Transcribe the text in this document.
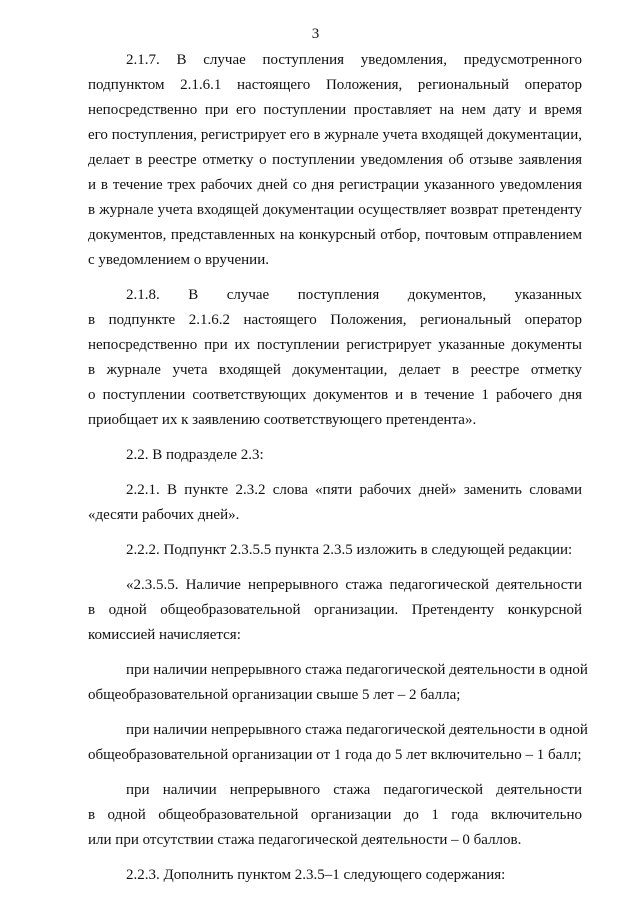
3
2.1.7. В случае поступления уведомления, предусмотренного
подпунктом 2.1.6.1 настоящего Положения, региональный оператор
непосредственно при его поступлении проставляет на нем дату и время
его поступления, регистрирует его в журнале учета входящей документации,
делает в реестре отметку о поступлении уведомления об отзыве заявления
и в течение трех рабочих дней со дня регистрации указанного уведомления
в журнале учета входящей документации осуществляет возврат претенденту
документов, представленных на конкурсный отбор, почтовым отправлением
с уведомлением о вручении.
2.1.8. В случае поступления документов, указанных
в подпункте 2.1.6.2 настоящего Положения, региональный оператор
непосредственно при их поступлении регистрирует указанные документы
в журнале учета входящей документации, делает в реестре отметку
о поступлении соответствующих документов и в течение 1 рабочего дня
приобщает их к заявлению соответствующего претендента».
2.2. В подразделе 2.3:
2.2.1. В пункте 2.3.2 слова «пяти рабочих дней» заменить словами
«десяти рабочих дней».
2.2.2. Подпункт 2.3.5.5 пункта 2.3.5 изложить в следующей редакции:
«2.3.5.5. Наличие непрерывного стажа педагогической деятельности
в одной общеобразовательной организации. Претенденту конкурсной
комиссией начисляется:
при наличии непрерывного стажа педагогической деятельности в одной
общеобразовательной организации свыше 5 лет – 2 балла;
при наличии непрерывного стажа педагогической деятельности в одной
общеобразовательной организации от 1 года до 5 лет включительно – 1 балл;
при наличии непрерывного стажа педагогической деятельности
в одной общеобразовательной организации до 1 года включительно
или при отсутствии стажа педагогической деятельности – 0 баллов.
2.2.3. Дополнить пунктом 2.3.5–1 следующего содержания:
